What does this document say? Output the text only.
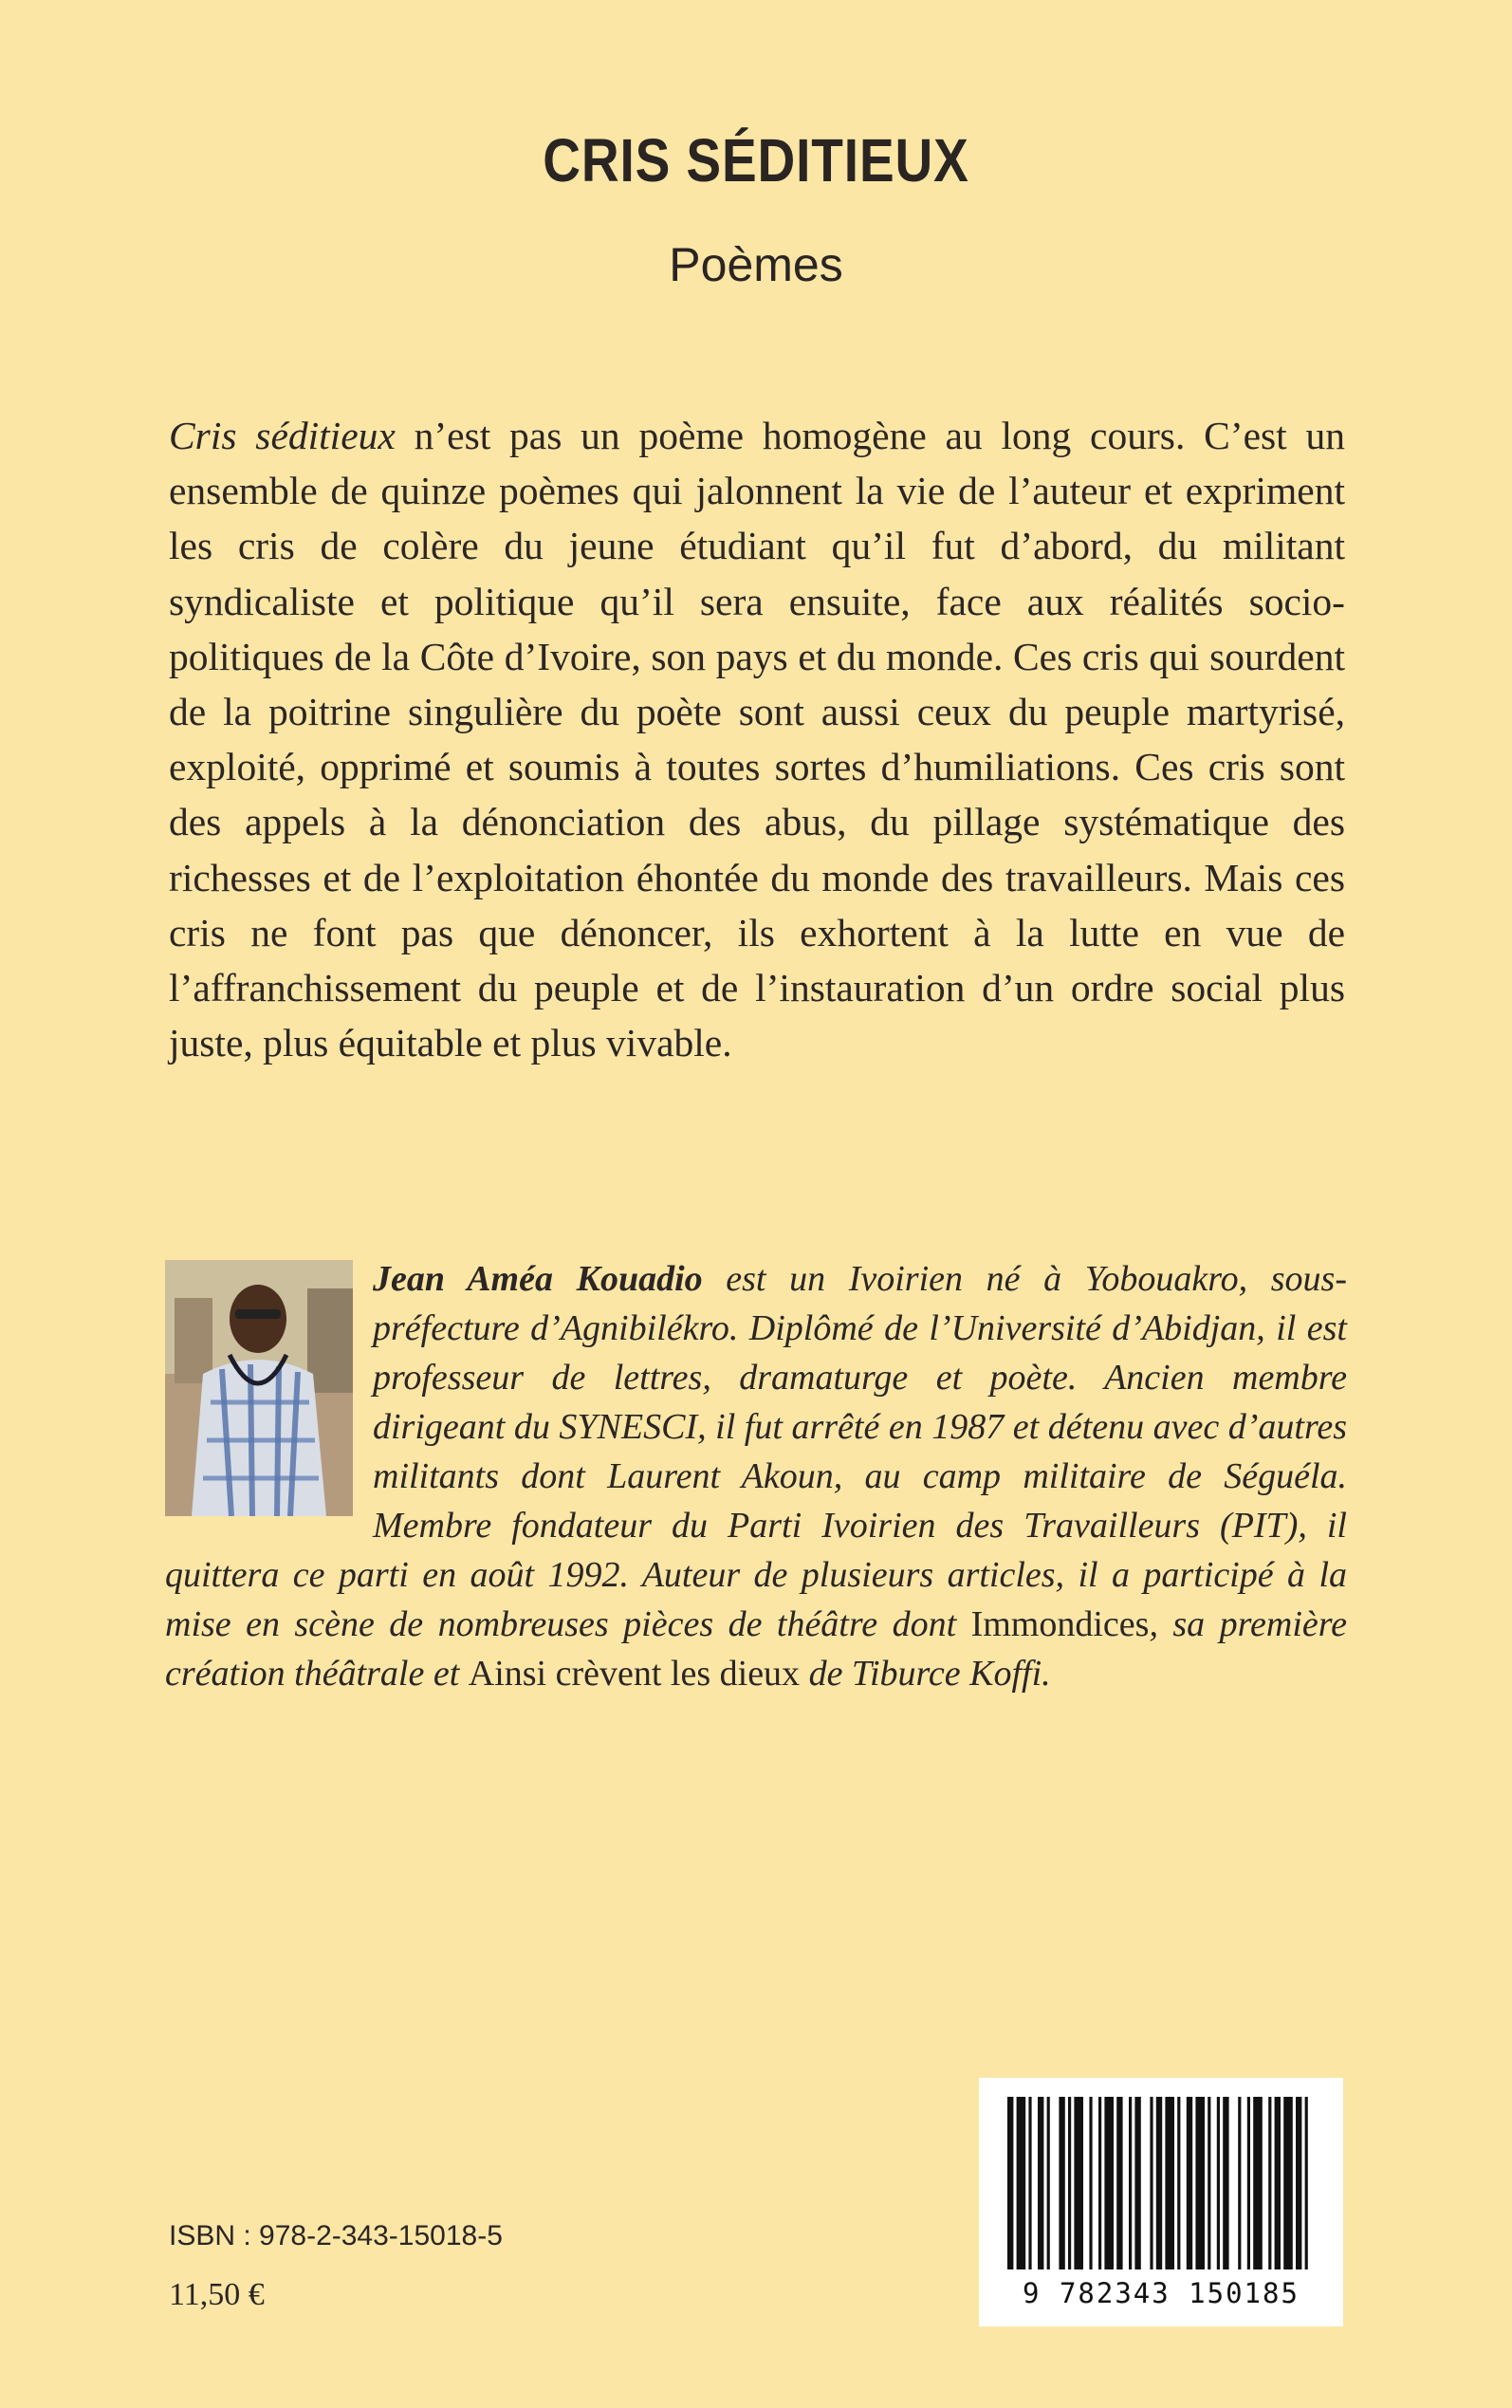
CRIS SÉDITIEUX
Poèmes

Cris séditieux n’est pas un poème homogène au long cours. C’est un ensemble de quinze poèmes qui jalonnent la vie de l’auteur et expriment les cris de colère du jeune étudiant qu’il fut d’abord, du militant syndicaliste et politique qu’il sera ensuite, face aux réalités socio-politiques de la Côte d’Ivoire, son pays et du monde. Ces cris qui sourdent de la poitrine singulière du poète sont aussi ceux du peuple martyrisé, exploité, opprimé et soumis à toutes sortes d’humiliations. Ces cris sont des appels à la dénonciation des abus, du pillage systématique des richesses et de l’exploitation éhontée du monde des travailleurs. Mais ces cris ne font pas que dénoncer, ils exhortent à la lutte en vue de l’affranchissement du peuple et de l’instauration d’un ordre social plus juste, plus équitable et plus vivable.

Jean Améa Kouadio est un Ivoirien né à Yobouakro, sous-préfecture d’Agnibilékro. Diplômé de l’Université d’Abidjan, il est professeur de lettres, dramaturge et poète. Ancien membre dirigeant du SYNESCI, il fut arrêté en 1987 et détenu avec d’autres militants dont Laurent Akoun, au camp militaire de Séguéla. Membre fondateur du Parti Ivoirien des Travailleurs (PIT), il quittera ce parti en août 1992. Auteur de plusieurs articles, il a participé à la mise en scène de nombreuses pièces de théâtre dont Immondices, sa première création théâtrale et Ainsi crèvent les dieux de Tiburce Koffi.

ISBN : 978-2-343-15018-5
11,50 €	9 782343 150185
